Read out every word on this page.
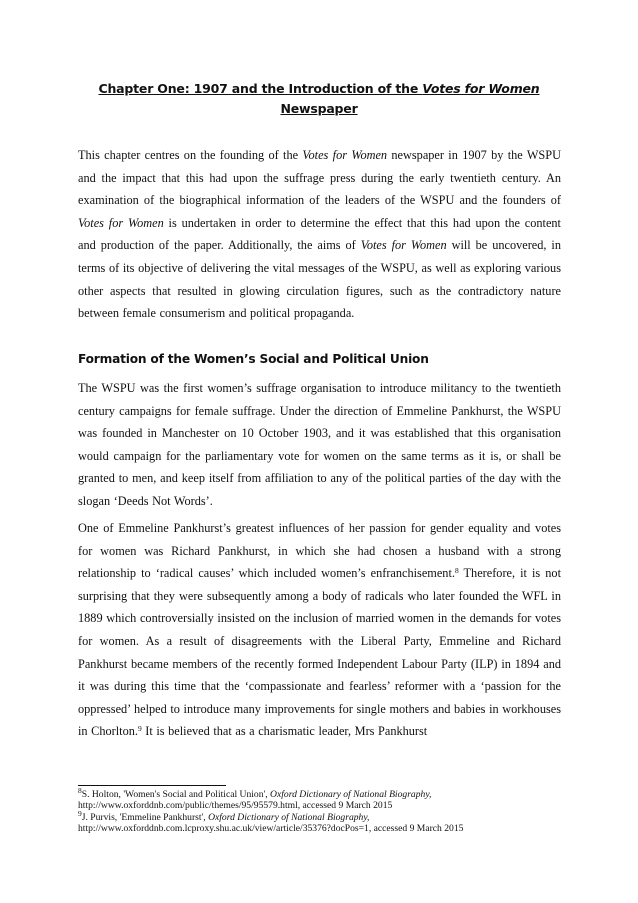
Chapter One: 1907 and the Introduction of the Votes for Women
Newspaper

This chapter centres on the founding of the Votes for Women newspaper in 1907 by the WSPU and the impact that this had upon the suffrage press during the early twentieth century. An examination of the biographical information of the leaders of the WSPU and the founders of Votes for Women is undertaken in order to determine the effect that this had upon the content and production of the paper. Additionally, the aims of Votes for Women will be uncovered, in terms of its objective of delivering the vital messages of the WSPU, as well as exploring various other aspects that resulted in glowing circulation figures, such as the contradictory nature between female consumerism and political propaganda.

Formation of the Women’s Social and Political Union

The WSPU was the first women’s suffrage organisation to introduce militancy to the twentieth century campaigns for female suffrage. Under the direction of Emmeline Pankhurst, the WSPU was founded in Manchester on 10 October 1903, and it was established that this organisation would campaign for the parliamentary vote for women on the same terms as it is, or shall be granted to men, and keep itself from affiliation to any of the political parties of the day with the slogan ‘Deeds Not Words’.

One of Emmeline Pankhurst’s greatest influences of her passion for gender equality and votes for women was Richard Pankhurst, in which she had chosen a husband with a strong relationship to ‘radical causes’ which included women’s enfranchisement.$^8$ Therefore, it is not surprising that they were subsequently among a body of radicals who later founded the WFL in 1889 which controversially insisted on the inclusion of married women in the demands for votes for women. As a result of disagreements with the Liberal Party, Emmeline and Richard Pankhurst became members of the recently formed Independent Labour Party (ILP) in 1894 and it was during this time that the ‘compassionate and fearless’ reformer with a ‘passion for the oppressed’ helped to introduce many improvements for single mothers and babies in workhouses in Chorlton.$^9$ It is believed that as a charismatic leader, Mrs Pankhurst

$^8$S. Holton, 'Women's Social and Political Union', Oxford Dictionary of National Biography,
http://www.oxforddnb.com/public/themes/95/95579.html, accessed 9 March 2015
$^9$J. Purvis, 'Emmeline Pankhurst', Oxford Dictionary of National Biography,
http://www.oxforddnb.com.lcproxy.shu.ac.uk/view/article/35376?docPos=1, accessed 9 March 2015
